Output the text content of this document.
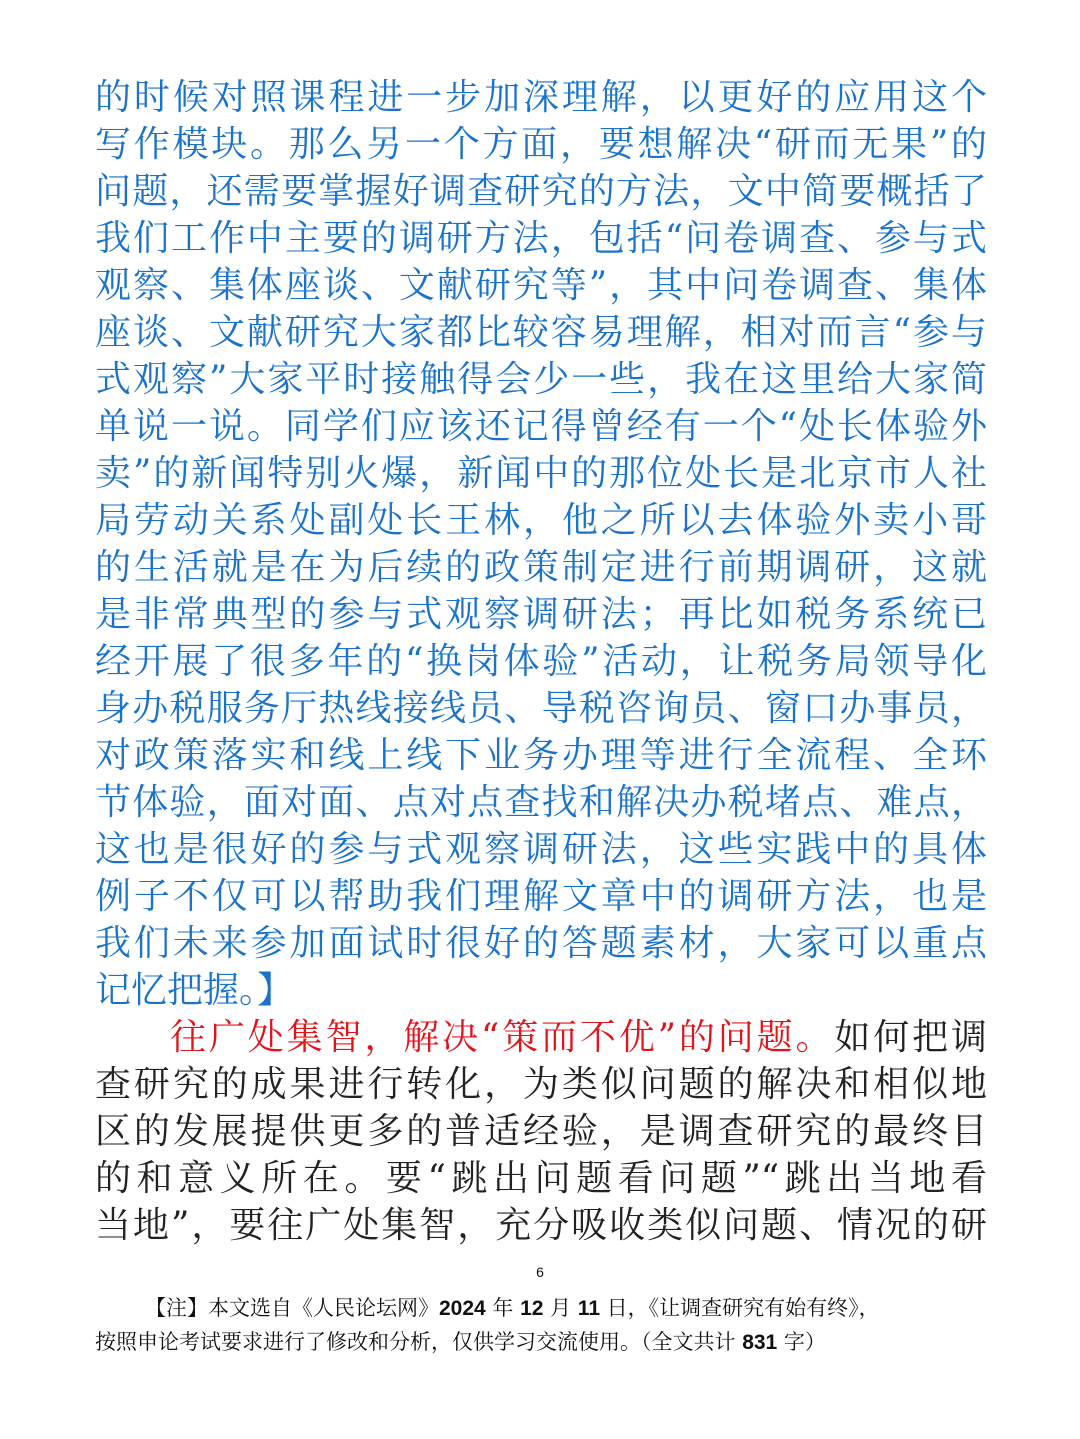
的时候对照课程进一步加深理解，以更好的应用这个
写作模块。那么另一个方面，要想解决“研而无果”的
问题，还需要掌握好调查研究的方法，文中简要概括了
我们工作中主要的调研方法，包括“问卷调查、参与式
观察、集体座谈、文献研究等”，其中问卷调查、集体
座谈、文献研究大家都比较容易理解，相对而言“参与
式观察”大家平时接触得会少一些，我在这里给大家简
单说一说。同学们应该还记得曾经有一个“处长体验外
卖”的新闻特别火爆，新闻中的那位处长是北京市人社
局劳动关系处副处长王林，他之所以去体验外卖小哥
的生活就是在为后续的政策制定进行前期调研，这就
是非常典型的参与式观察调研法；再比如税务系统已
经开展了很多年的“换岗体验”活动，让税务局领导化
身办税服务厅热线接线员、导税咨询员、窗口办事员，
对政策落实和线上线下业务办理等进行全流程、全环
节体验，面对面、点对点查找和解决办税堵点、难点，
这也是很好的参与式观察调研法，这些实践中的具体
例子不仅可以帮助我们理解文章中的调研方法，也是
我们未来参加面试时很好的答题素材，大家可以重点
记忆把握。】
往广处集智，解决“策而不优”的问题。如何把调
查研究的成果进行转化，为类似问题的解决和相似地
区的发展提供更多的普适经验，是调查研究的最终目
的和意义所在。要“跳出问题看问题”“跳出当地看
当地”，要往广处集智，充分吸收类似问题、情况的研
6
【注】本文选自《人民论坛网》2024 年 12 月 11 日，《让调查研究有始有终》，
按照申论考试要求进行了修改和分析，仅供学习交流使用。（全文共计 831 字）
